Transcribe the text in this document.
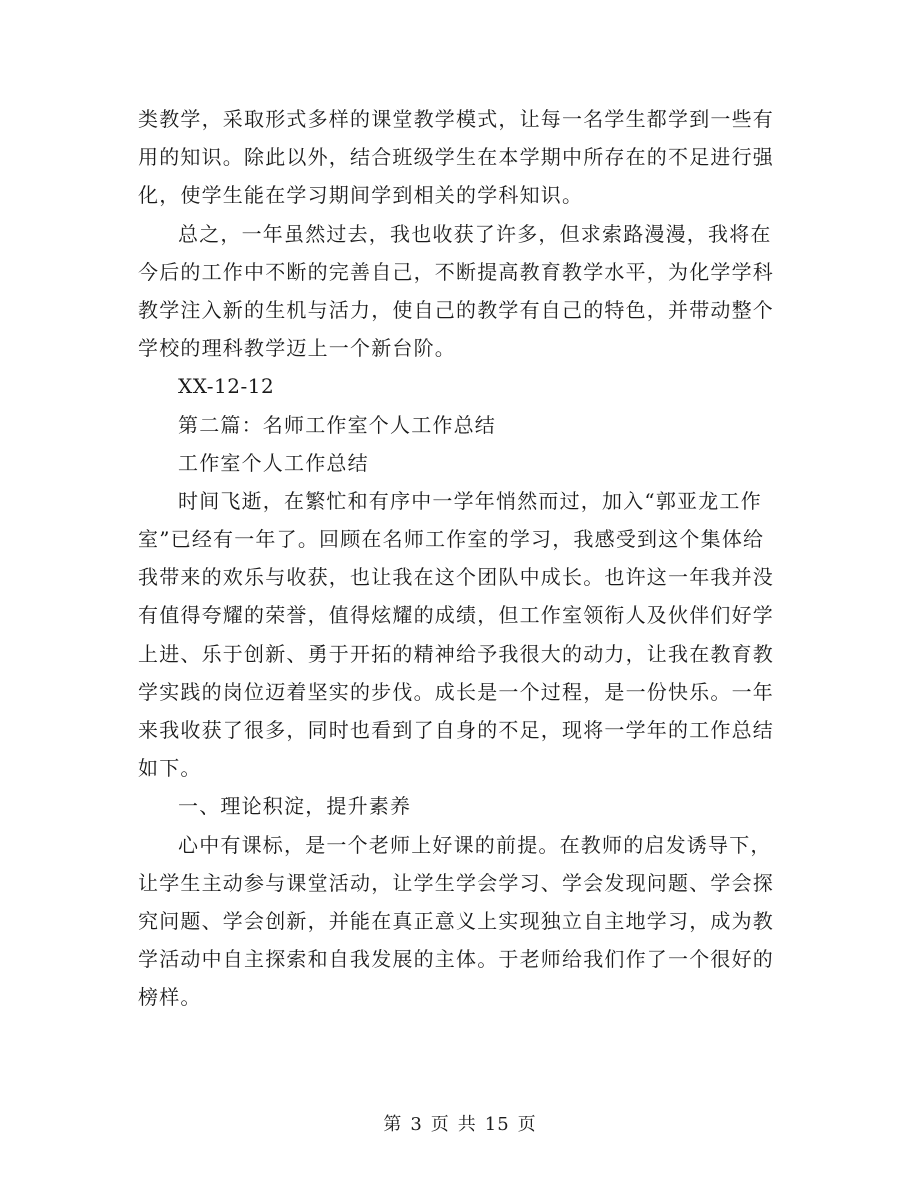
类教学，采取形式多样的课堂教学模式，让每一名学生都学到一些有
用的知识。除此以外，结合班级学生在本学期中所存在的不足进行强
化，使学生能在学习期间学到相关的学科知识。
总之，一年虽然过去，我也收获了许多，但求索路漫漫，我将在
今后的工作中不断的完善自己，不断提高教育教学水平，为化学学科
教学注入新的生机与活力，使自己的教学有自己的特色，并带动整个
学校的理科教学迈上一个新台阶。
XX-12-12
第二篇：名师工作室个人工作总结
工作室个人工作总结
时间飞逝，在繁忙和有序中一学年悄然而过，加入“郭亚龙工作
室”已经有一年了。回顾在名师工作室的学习，我感受到这个集体给
我带来的欢乐与收获，也让我在这个团队中成长。也许这一年我并没
有值得夸耀的荣誉，值得炫耀的成绩，但工作室领衔人及伙伴们好学
上进、乐于创新、勇于开拓的精神给予我很大的动力，让我在教育教
学实践的岗位迈着坚实的步伐。成长是一个过程，是一份快乐。一年
来我收获了很多，同时也看到了自身的不足，现将一学年的工作总结
如下。
一、理论积淀，提升素养
心中有课标，是一个老师上好课的前提。在教师的启发诱导下，
让学生主动参与课堂活动，让学生学会学习、学会发现问题、学会探
究问题、学会创新，并能在真正意义上实现独立自主地学习，成为教
学活动中自主探索和自我发展的主体。于老师给我们作了一个很好的
榜样。
第 3 页 共 15 页
